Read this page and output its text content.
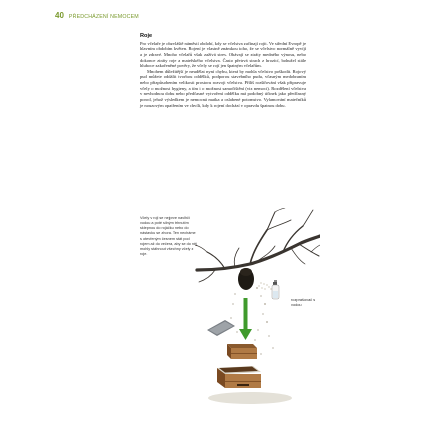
40 PŘEDCHÁZENÍ NEMOCEM
Roje

Pro včelaře je obzvláště náměstí období, kdy se včelstva začínají rojit. Ve střední Evropě je hlavním obdobím květen. Rojení je vlastně známkou toho, že se včelstvo normálně vyvíjí a je zdravé. Mnoho včelařů však zažívá stres. Obávají se ztráty medného výnosu, nebo dokonce ztráty roje a mateřského včelstva. Často přetrvá strach z hrozící, bohužel stále hluboce zakořeněné pověry, že včely se rojí jen špatným včelařům.

Mnohem důležitější je neudělat nyní chybu, která by mohla včelstvo poškodit. Rojový pud můžete oddálit tvorbou oddělků, podporou stavebního pudu, včasným medobraním nebo přizpůsobením velikosti prostoru rozvoji včelstva. Příliš rozšiřování však připravuje včely o možnost hygieny, a tím i o možnost samočištění (viz nemoci). Rozdělení včelstva v nevhodnou dobu nebo předčasné vytvoření oddělku má podobný účinek jako předčasný porod, jehož výsledkem je nemocná matka a oslabené potomstvo. Vylamování matečníků je nouzovým opatřením ve chvíli, kdy k rojení dochází v opravdu špatnou dobu.

Včely v roji se nejprve navlhčí vodou a poté silným trhnutím sklepnou do rojáčku nebo do nástavku se zhora. Ten necháme s otevřeným česnem stát pod rojem až do večera, aby se do něj mohly stáhnout všechny včely z roje.
rozprašovač s vodou
